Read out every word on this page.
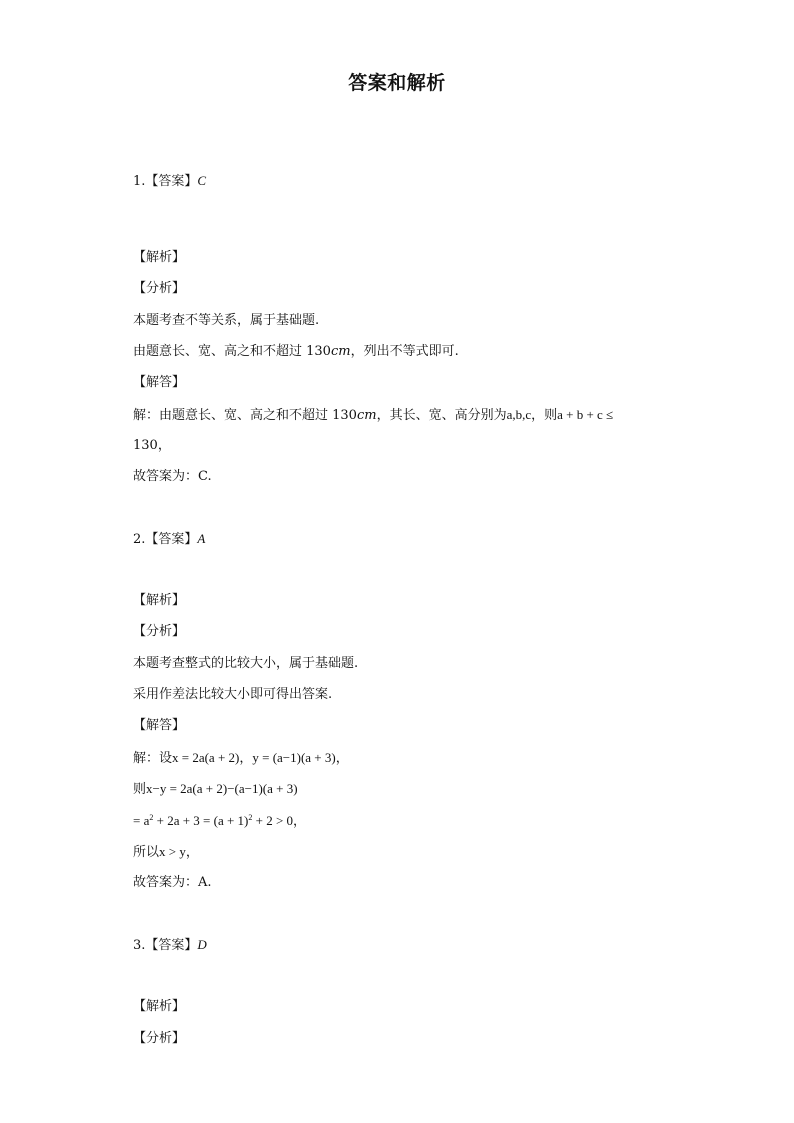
答案和解析
1.【答案】C
【解析】
【分析】
本题考查不等关系，属于基础题.
由题意长、宽、高之和不超过 130cm，列出不等式即可.
【解答】
解：由题意长、宽、高之和不超过 130cm，其长、宽、高分别为a,b,c，则a + b + c ≤
130，
故答案为：C.
2.【答案】A
【解析】
【分析】
本题考查整式的比较大小，属于基础题.
采用作差法比较大小即可得出答案.
【解答】
解：设x = 2a(a + 2)，y = (a−1)(a + 3)，
则x−y = 2a(a + 2)−(a−1)(a + 3)
= $a^2 + 2a + 3 = (a + 1)^2 + 2 > 0$，
所以x > y，
故答案为：A.
3.【答案】D
【解析】
【分析】
